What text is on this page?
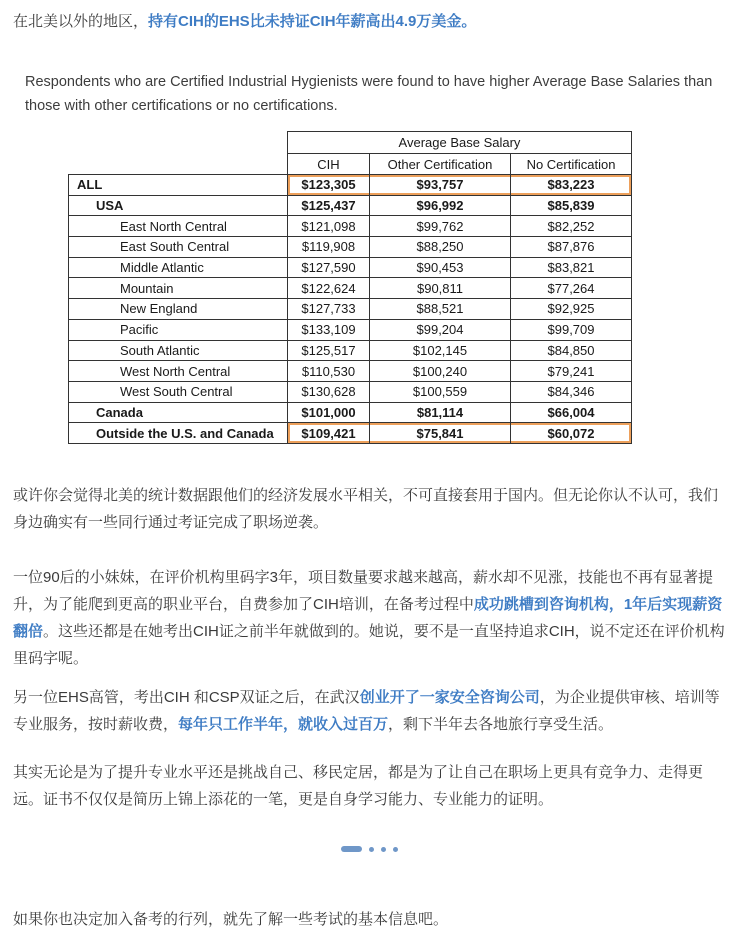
在北美以外的地区，持有CIH的EHS比未持证CIH年薪高出4.9万美金。

Respondents who are Certified Industrial Hygienists were found to have higher Average Base Salaries than
those with other certifications or no certifications.
	Average Base Salary		
	CIH	Other Certification	No Certification
ALL	$123,305	$93,757	$83,223
USA	$125,437	$96,992	$85,839
East North Central	$121,098	$99,762	$82,252
East South Central	$119,908	$88,250	$87,876
Middle Atlantic	$127,590	$90,453	$83,821
Mountain	$122,624	$90,811	$77,264
New England	$127,733	$88,521	$92,925
Pacific	$133,109	$99,204	$99,709
South Atlantic	$125,517	$102,145	$84,850
West North Central	$110,530	$100,240	$79,241
West South Central	$130,628	$100,559	$84,346
Canada	$101,000	$81,114	$66,004
Outside the U.S. and Canada	$109,421	$75,841	$60,072

或许你会觉得北美的统计数据跟他们的经济发展水平相关，不可直接套用于国内。但无论你认不认可，我们身边确实有一些同行通过考证完成了职场逆袭。

一位90后的小妹妹，在评价机构里码字3年，项目数量要求越来越高，薪水却不见涨，技能也不再有显著提升，为了能爬到更高的职业平台，自费参加了CIH培训，在备考过程中成功跳槽到咨询机构，1年后实现薪资翻倍。这些还都是在她考出CIH证之前半年就做到的。她说，要不是一直坚持追求CIH，说不定还在评价机构里码字呢。

另一位EHS高管，考出CIH 和CSP双证之后，在武汉创业开了一家安全咨询公司，为企业提供审核、培训等专业服务，按时薪收费，每年只工作半年，就收入过百万，剩下半年去各地旅行享受生活。

其实无论是为了提升专业水平还是挑战自己、移民定居，都是为了让自己在职场上更具有竞争力、走得更远。证书不仅仅是简历上锦上添花的一笔，更是自身学习能力、专业能力的证明。

如果你也决定加入备考的行列，就先了解一些考试的基本信息吧。
